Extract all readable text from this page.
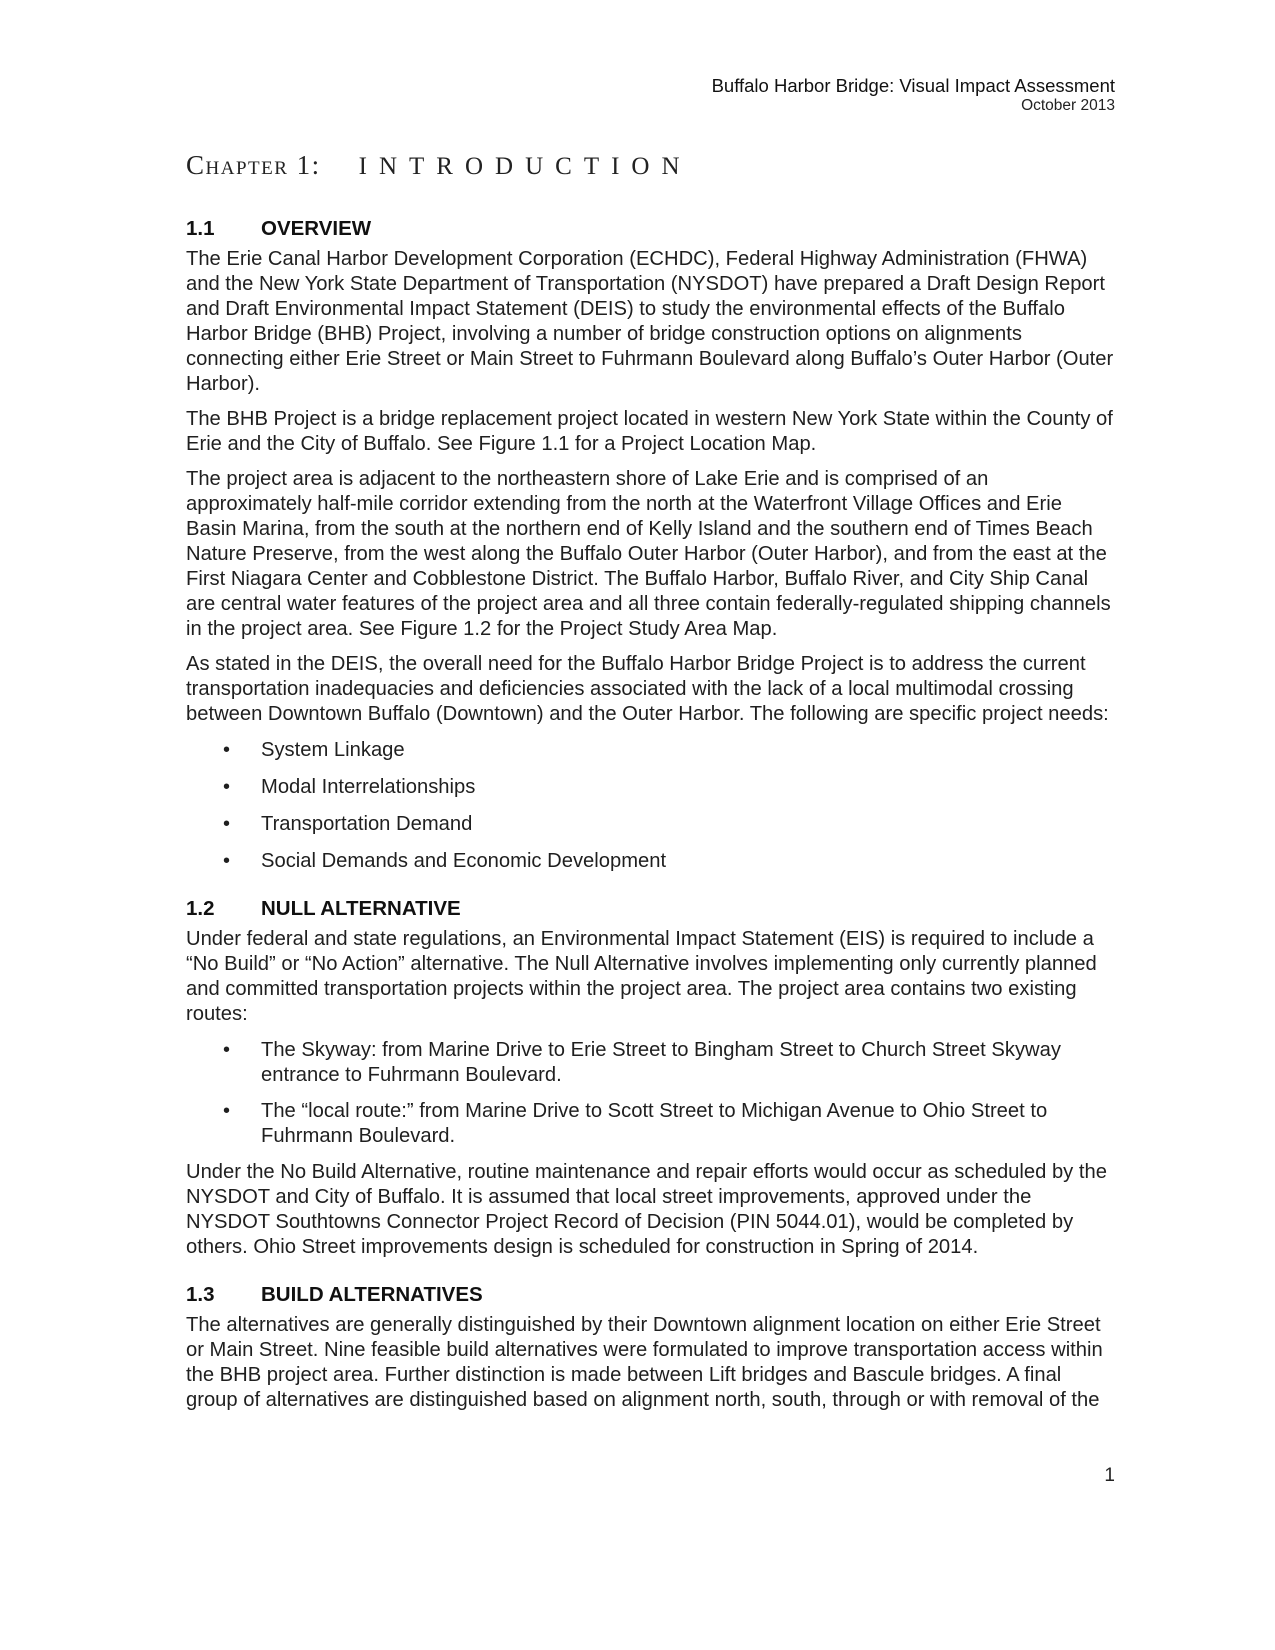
Buffalo Harbor Bridge: Visual Impact Assessment
October 2013
Chapter 1: INTRODUCTION
1.1 OVERVIEW

The Erie Canal Harbor Development Corporation (ECHDC), Federal Highway Administration (FHWA) and the New York State Department of Transportation (NYSDOT) have prepared a Draft Design Report and Draft Environmental Impact Statement (DEIS) to study the environmental effects of the Buffalo Harbor Bridge (BHB) Project, involving a number of bridge construction options on alignments connecting either Erie Street or Main Street to Fuhrmann Boulevard along Buffalo’s Outer Harbor (Outer Harbor).

The BHB Project is a bridge replacement project located in western New York State within the County of Erie and the City of Buffalo. See Figure 1.1 for a Project Location Map.

The project area is adjacent to the northeastern shore of Lake Erie and is comprised of an approximately half-mile corridor extending from the north at the Waterfront Village Offices and Erie Basin Marina, from the south at the northern end of Kelly Island and the southern end of Times Beach Nature Preserve, from the west along the Buffalo Outer Harbor (Outer Harbor), and from the east at the First Niagara Center and Cobblestone District. The Buffalo Harbor, Buffalo River, and City Ship Canal are central water features of the project area and all three contain federally-regulated shipping channels in the project area. See Figure 1.2 for the Project Study Area Map.

As stated in the DEIS, the overall need for the Buffalo Harbor Bridge Project is to address the current transportation inadequacies and deficiencies associated with the lack of a local multimodal crossing between Downtown Buffalo (Downtown) and the Outer Harbor. The following are specific project needs:

• System Linkage
• Modal Interrelationships
• Transportation Demand
• Social Demands and Economic Development
1.2 NULL ALTERNATIVE

Under federal and state regulations, an Environmental Impact Statement (EIS) is required to include a “No Build” or “No Action” alternative. The Null Alternative involves implementing only currently planned and committed transportation projects within the project area. The project area contains two existing routes:

• The Skyway: from Marine Drive to Erie Street to Bingham Street to Church Street Skyway entrance to Fuhrmann Boulevard.
• The “local route:” from Marine Drive to Scott Street to Michigan Avenue to Ohio Street to Fuhrmann Boulevard.

Under the No Build Alternative, routine maintenance and repair efforts would occur as scheduled by the NYSDOT and City of Buffalo. It is assumed that local street improvements, approved under the NYSDOT Southtowns Connector Project Record of Decision (PIN 5044.01), would be completed by others. Ohio Street improvements design is scheduled for construction in Spring of 2014.

1.3 BUILD ALTERNATIVES

The alternatives are generally distinguished by their Downtown alignment location on either Erie Street or Main Street. Nine feasible build alternatives were formulated to improve transportation access within the BHB project area. Further distinction is made between Lift bridges and Bascule bridges. A final group of alternatives are distinguished based on alignment north, south, through or with removal of the

1
